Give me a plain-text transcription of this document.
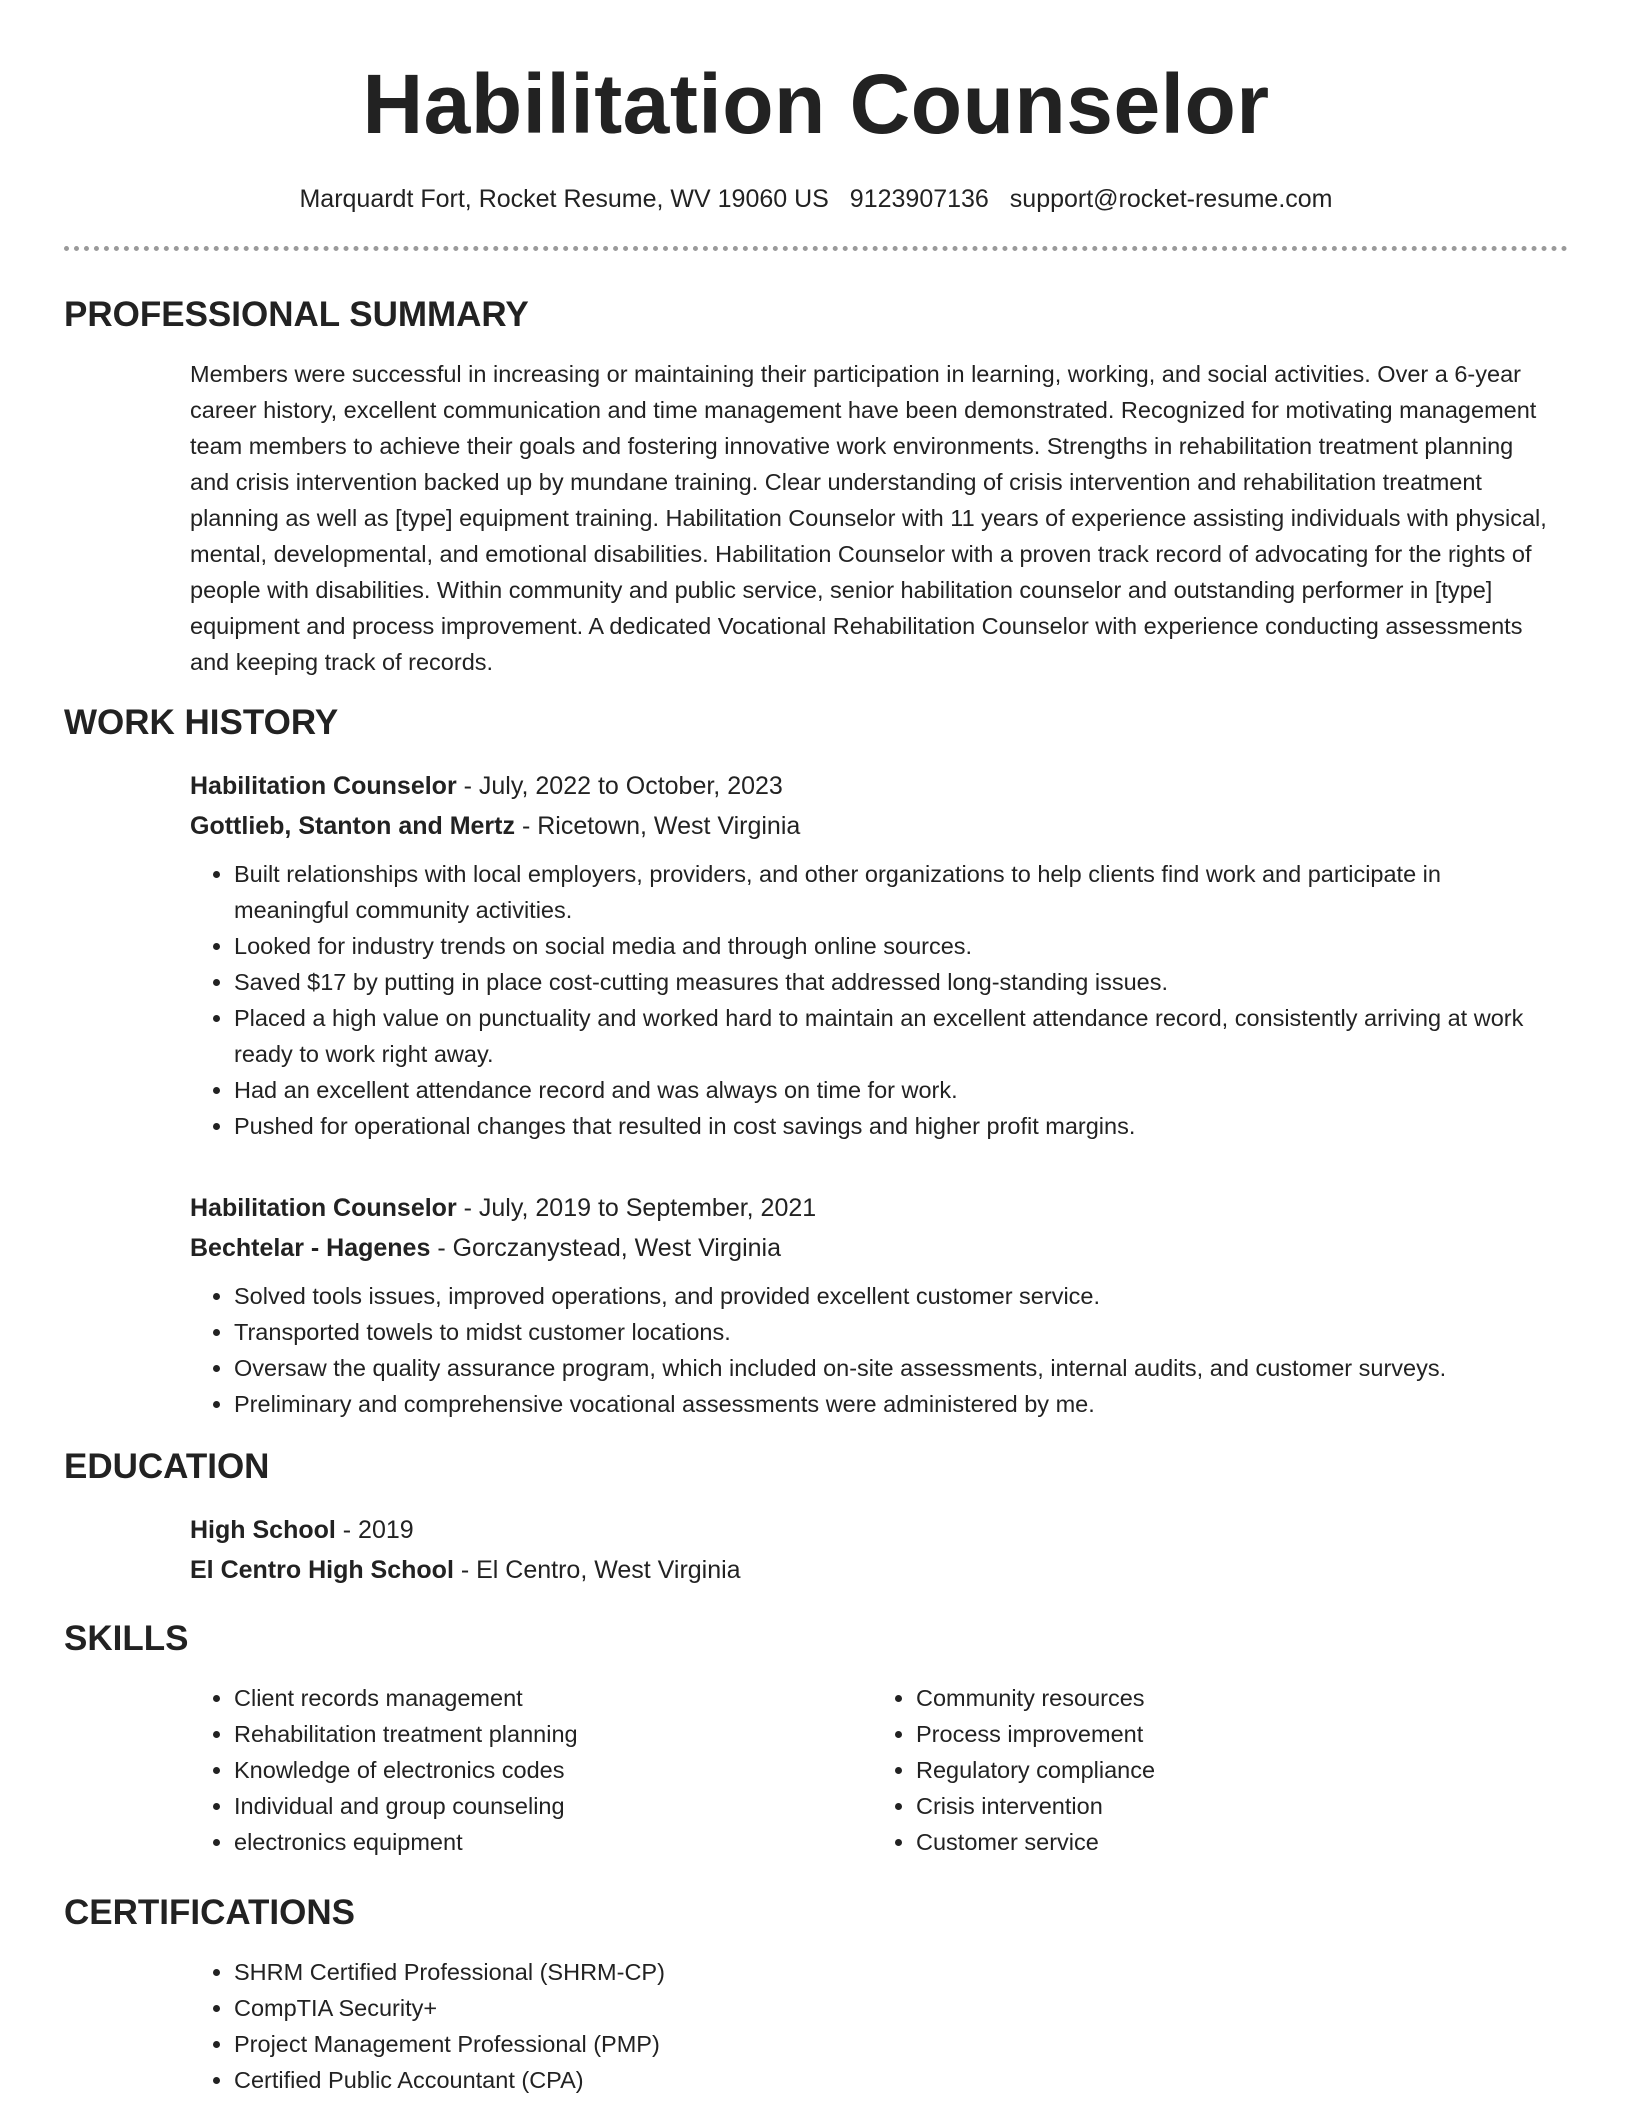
Habilitation Counselor
Marquardt Fort, Rocket Resume, WV 19060 US 9123907136 support@rocket-resume.com
PROFESSIONAL SUMMARY
Members were successful in increasing or maintaining their participation in learning, working, and social activities. Over a 6-year career history, excellent communication and time management have been demonstrated. Recognized for motivating management team members to achieve their goals and fostering innovative work environments. Strengths in rehabilitation treatment planning and crisis intervention backed up by mundane training. Clear understanding of crisis intervention and rehabilitation treatment planning as well as [type] equipment training. Habilitation Counselor with 11 years of experience assisting individuals with physical, mental, developmental, and emotional disabilities. Habilitation Counselor with a proven track record of advocating for the rights of people with disabilities. Within community and public service, senior habilitation counselor and outstanding performer in [type] equipment and process improvement. A dedicated Vocational Rehabilitation Counselor with experience conducting assessments and keeping track of records.
WORK HISTORY
Habilitation Counselor - July, 2022 to October, 2023
Gottlieb, Stanton and Mertz - Ricetown, West Virginia
• Built relationships with local employers, providers, and other organizations to help clients find work and participate in meaningful community activities.
• Looked for industry trends on social media and through online sources.
• Saved $17 by putting in place cost-cutting measures that addressed long-standing issues.
• Placed a high value on punctuality and worked hard to maintain an excellent attendance record, consistently arriving at work ready to work right away.
• Had an excellent attendance record and was always on time for work.
• Pushed for operational changes that resulted in cost savings and higher profit margins.
Habilitation Counselor - July, 2019 to September, 2021
Bechtelar - Hagenes - Gorczanystead, West Virginia
• Solved tools issues, improved operations, and provided excellent customer service.
• Transported towels to midst customer locations.
• Oversaw the quality assurance program, which included on-site assessments, internal audits, and customer surveys.
• Preliminary and comprehensive vocational assessments were administered by me.
EDUCATION
High School - 2019
El Centro High School - El Centro, West Virginia
SKILLS
• Client records management
• Rehabilitation treatment planning
• Knowledge of electronics codes
• Individual and group counseling
• electronics equipment
• Community resources
• Process improvement
• Regulatory compliance
• Crisis intervention
• Customer service
CERTIFICATIONS
• SHRM Certified Professional (SHRM-CP)
• CompTIA Security+
• Project Management Professional (PMP)
• Certified Public Accountant (CPA)
